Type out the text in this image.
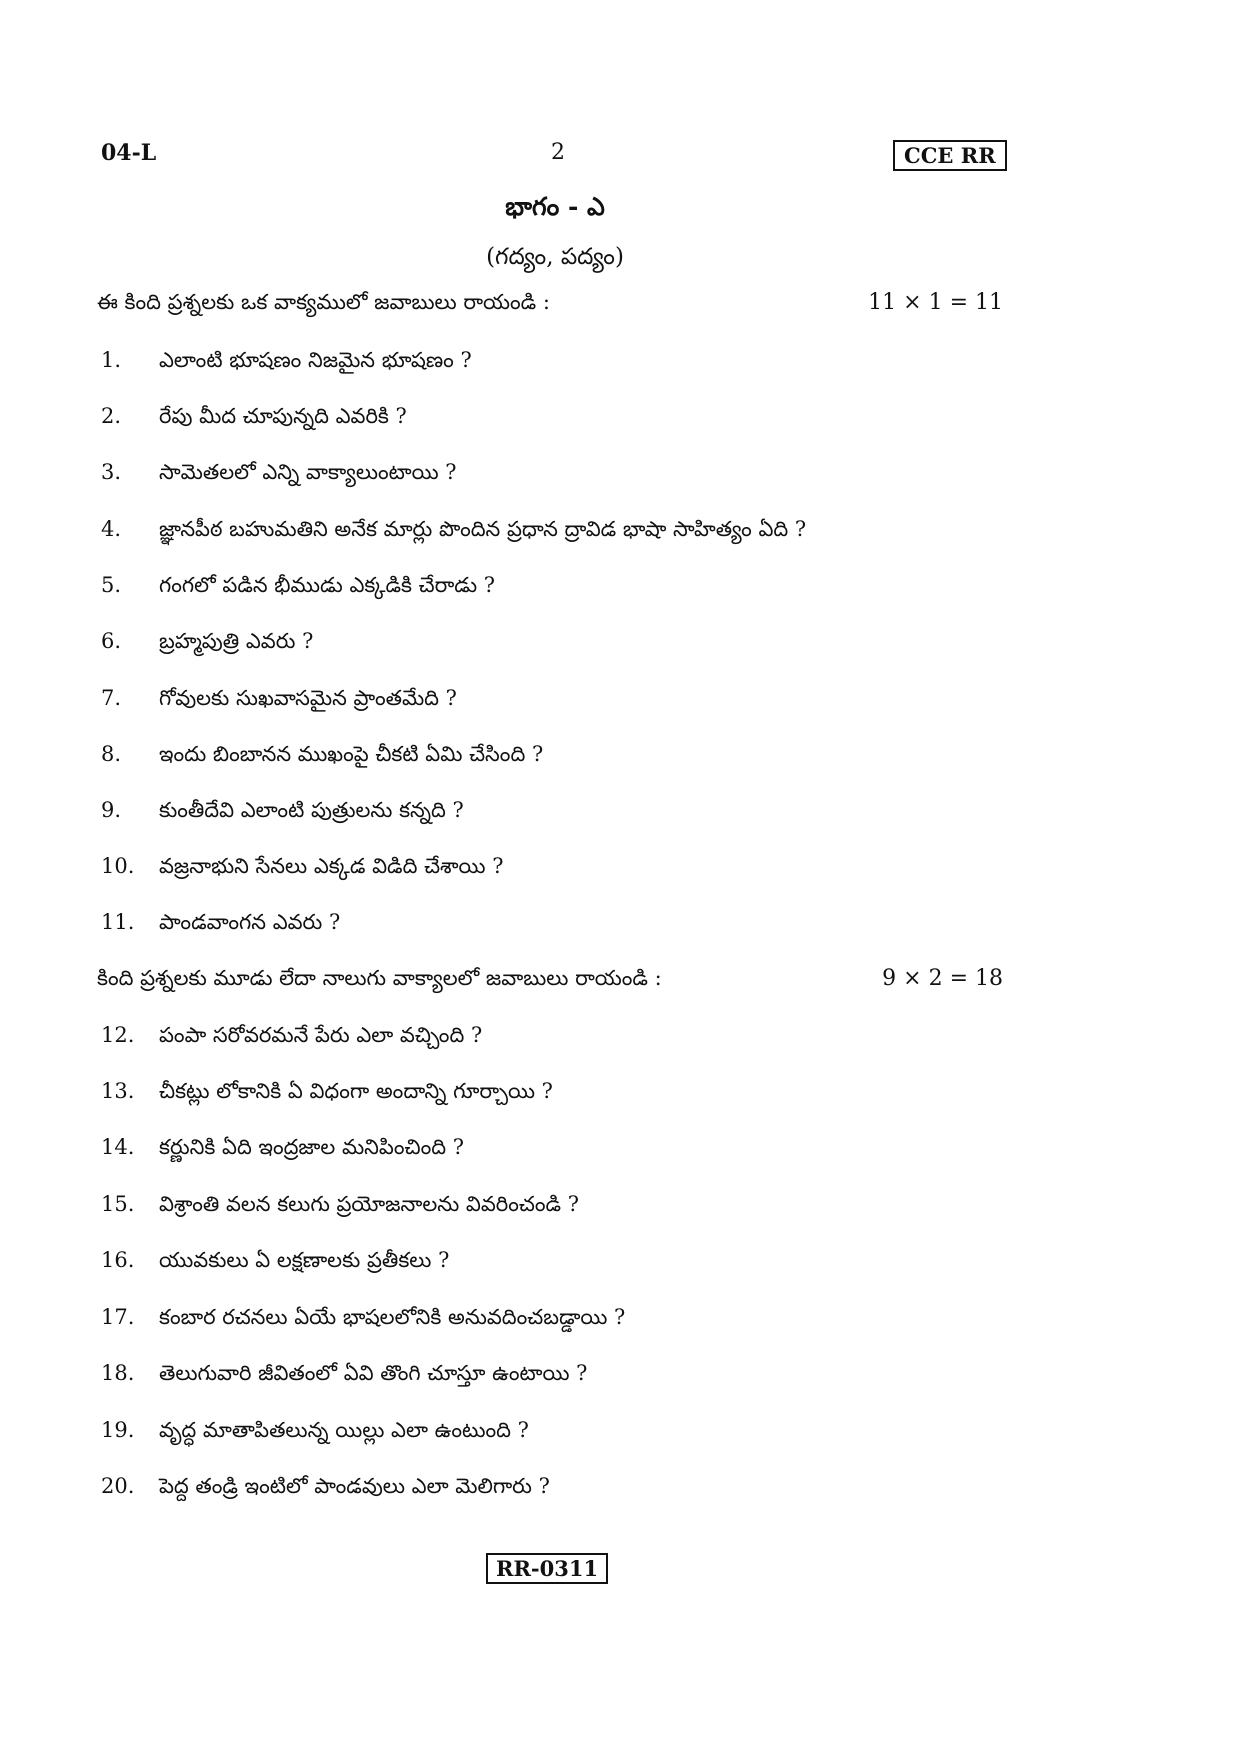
04-L	2	CCE RR
భాగం - ఎ
(గద్యం, పద్యం)
ఈ కింది ప్రశ్నలకు ఒక వాక్యములో జవాబులు రాయండి :	11 × 1 = 11
1. ఎలాంటి భూషణం నిజమైన భూషణం ?
2. రేపు మీద చూపున్నది ఎవరికి ?
3. సామెతలలో ఎన్ని వాక్యాలుంటాయి ?
4. జ్ఞానపీఠ బహుమతిని అనేక మార్లు పొందిన ప్రధాన ద్రావిడ భాషా సాహిత్యం ఏది ?
5. గంగలో పడిన భీముడు ఎక్కడికి చేరాడు ?
6. బ్రహ్మపుత్రి ఎవరు ?
7. గోవులకు సుఖవాసమైన ప్రాంతమేది ?
8. ఇందు బింబానన ముఖంపై చీకటి ఏమి చేసింది ?
9. కుంతీదేవి ఎలాంటి పుత్రులను కన్నది ?
10. వజ్రనాభుని సేనలు ఎక్కడ విడిది చేశాయి ?
11. పాండవాంగన ఎవరు ?
కింది ప్రశ్నలకు మూడు లేదా నాలుగు వాక్యాలలో జవాబులు రాయండి :	9 × 2 = 18
12. పంపా సరోవరమనే పేరు ఎలా వచ్చింది ?
13. చీకట్లు లోకానికి ఏ విధంగా అందాన్ని గూర్చాయి ?
14. కర్ణునికి ఏది ఇంద్రజాల మనిపించింది ?
15. విశ్రాంతి వలన కలుగు ప్రయోజనాలను వివరించండి ?
16. యువకులు ఏ లక్షణాలకు ప్రతీకలు ?
17. కంబార రచనలు ఏయే భాషలలోనికి అనువదించబడ్డాయి ?
18. తెలుగువారి జీవితంలో ఏవి తొంగి చూస్తూ ఉంటాయి ?
19. వృద్ధ మాతాపితలున్న యిల్లు ఎలా ఉంటుంది ?
20. పెద్ద తండ్రి ఇంటిలో పాండవులు ఎలా మెలిగారు ?
RR-0311
